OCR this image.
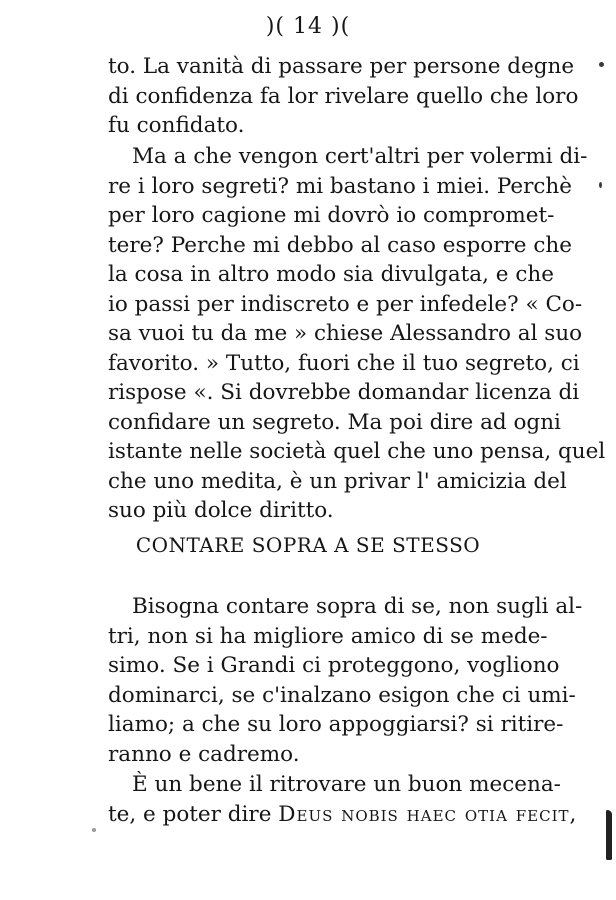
)( 14 )(
to. La vanità di passare per persone degne
di confidenza fa lor rivelare quello che loro
fu confidato.
Ma a che vengon cert'altri per volermi di-
re i loro segreti? mi bastano i miei. Perchè
per loro cagione mi dovrò io compromet-
tere? Perche mi debbo al caso esporre che
la cosa in altro modo sia divulgata, e che
io passi per indiscreto e per infedele? « Co-
sa vuoi tu da me » chiese Alessandro al suo
favorito. » Tutto, fuori che il tuo segreto, ci
rispose «. Si dovrebbe domandar licenza di
confidare un segreto. Ma poi dire ad ogni
istante nelle società quel che uno pensa, quel
che uno medita, è un privar l' amicizia del
suo più dolce diritto.
CONTARE SOPRA A SE STESSO
Bisogna contare sopra di se, non sugli al-
tri, non si ha migliore amico di se mede-
simo. Se i Grandi ci proteggono, vogliono
dominarci, se c'inalzano esigon che ci umi-
liamo; a che su loro appoggiarsi? si ritire-
ranno e cadremo.
È un bene il ritrovare un buon mecena-
te, e poter dire Deus nobis haec otia fecit,
